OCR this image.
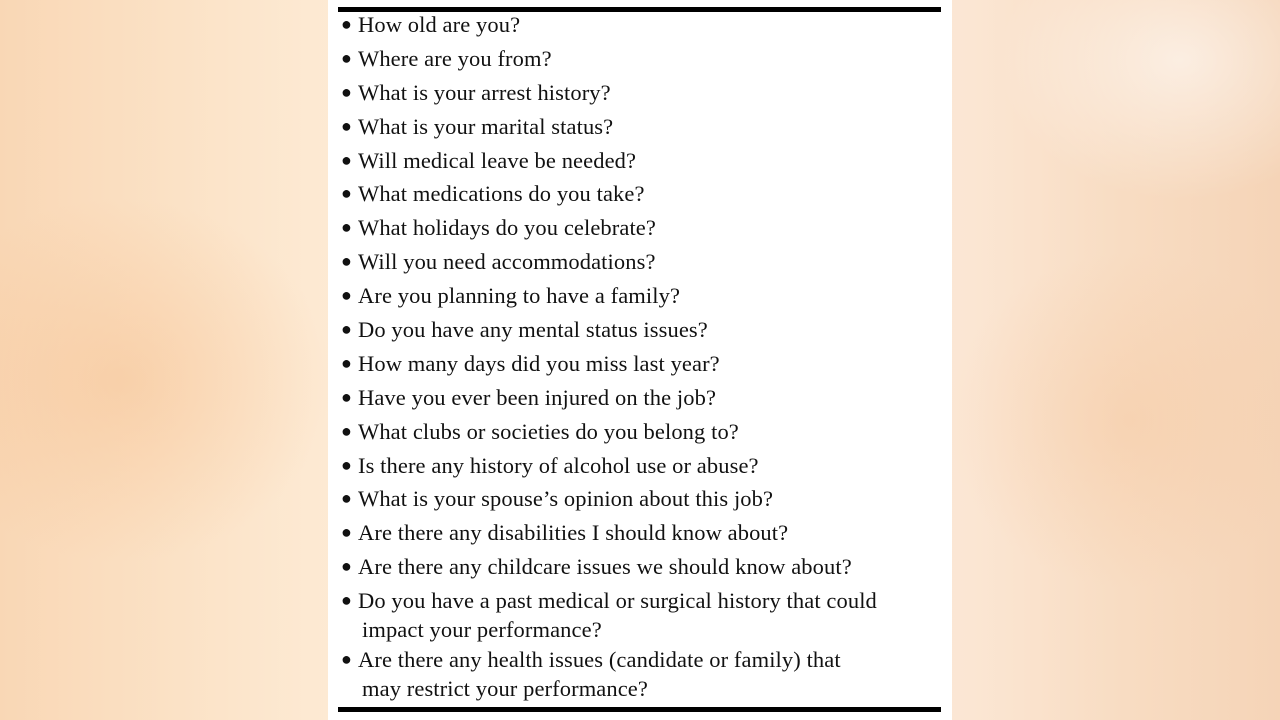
● How old are you?
● Where are you from?
● What is your arrest history?
● What is your marital status?
● Will medical leave be needed?
● What medications do you take?
● What holidays do you celebrate?
● Will you need accommodations?
● Are you planning to have a family?
● Do you have any mental status issues?
● How many days did you miss last year?
● Have you ever been injured on the job?
● What clubs or societies do you belong to?
● Is there any history of alcohol use or abuse?
● What is your spouse’s opinion about this job?
● Are there any disabilities I should know about?
● Are there any childcare issues we should know about?
● Do you have a past medical or surgical history that could
impact your performance?
● Are there any health issues (candidate or family) that
may restrict your performance?
